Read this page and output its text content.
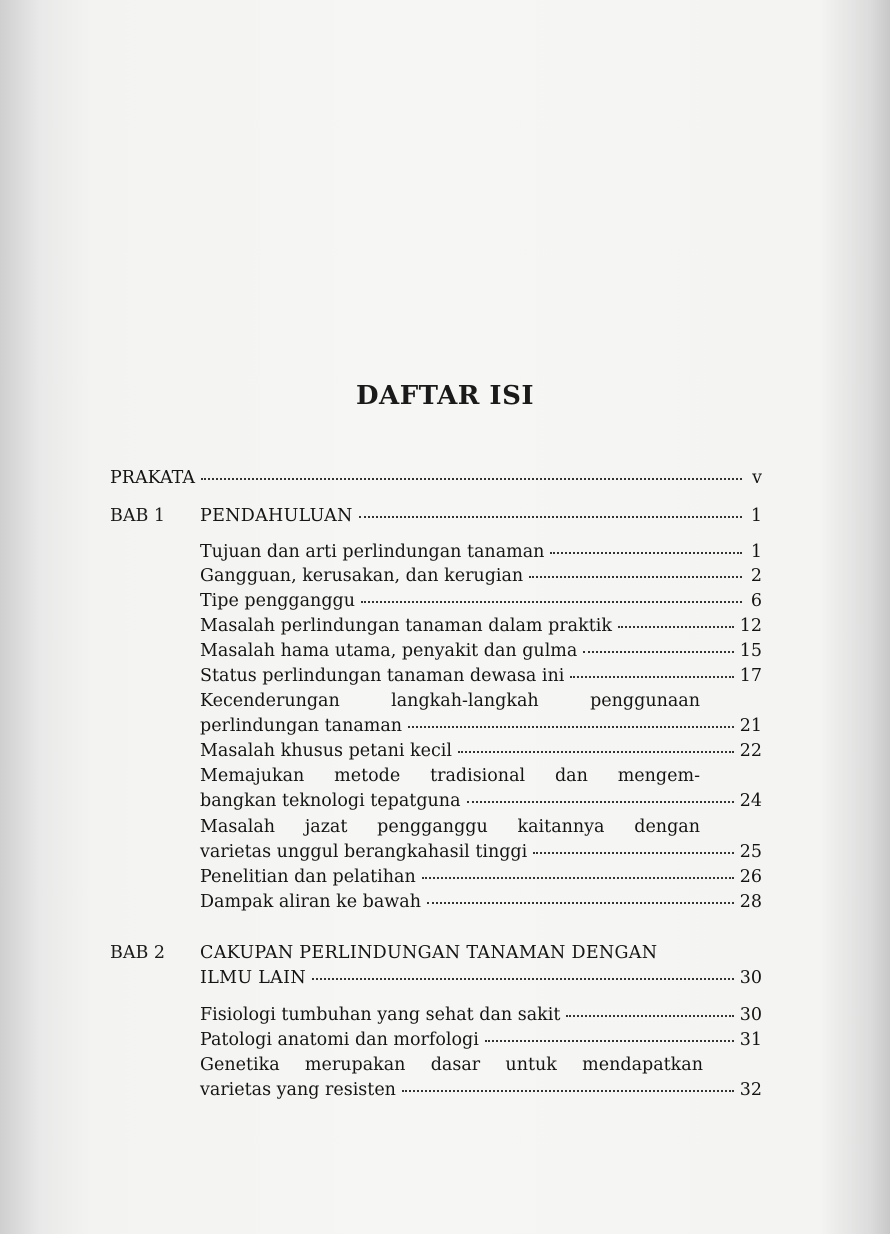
DAFTAR ISI
PRAKATA	v
BAB 1 PENDAHULUAN	1
Tujuan dan arti perlindungan tanaman	1
Gangguan, kerusakan, dan kerugian	2
Tipe pengganggu	6
Masalah perlindungan tanaman dalam praktik	12
Masalah hama utama, penyakit dan gulma	15
Status perlindungan tanaman dewasa ini	17
Kecenderungan langkah-langkah penggunaan
perlindungan tanaman	21
Masalah khusus petani kecil	22
Memajukan metode tradisional dan mengem-
bangkan teknologi tepatguna	24
Masalah jazat pengganggu kaitannya dengan
varietas unggul berangkahasil tinggi	25
Penelitian dan pelatihan	26
Dampak aliran ke bawah	28
BAB 2 CAKUPAN PERLINDUNGAN TANAMAN DENGAN
ILMU LAIN	30
Fisiologi tumbuhan yang sehat dan sakit	30
Patologi anatomi dan morfologi	31
Genetika merupakan dasar untuk mendapatkan
varietas yang resisten	32
